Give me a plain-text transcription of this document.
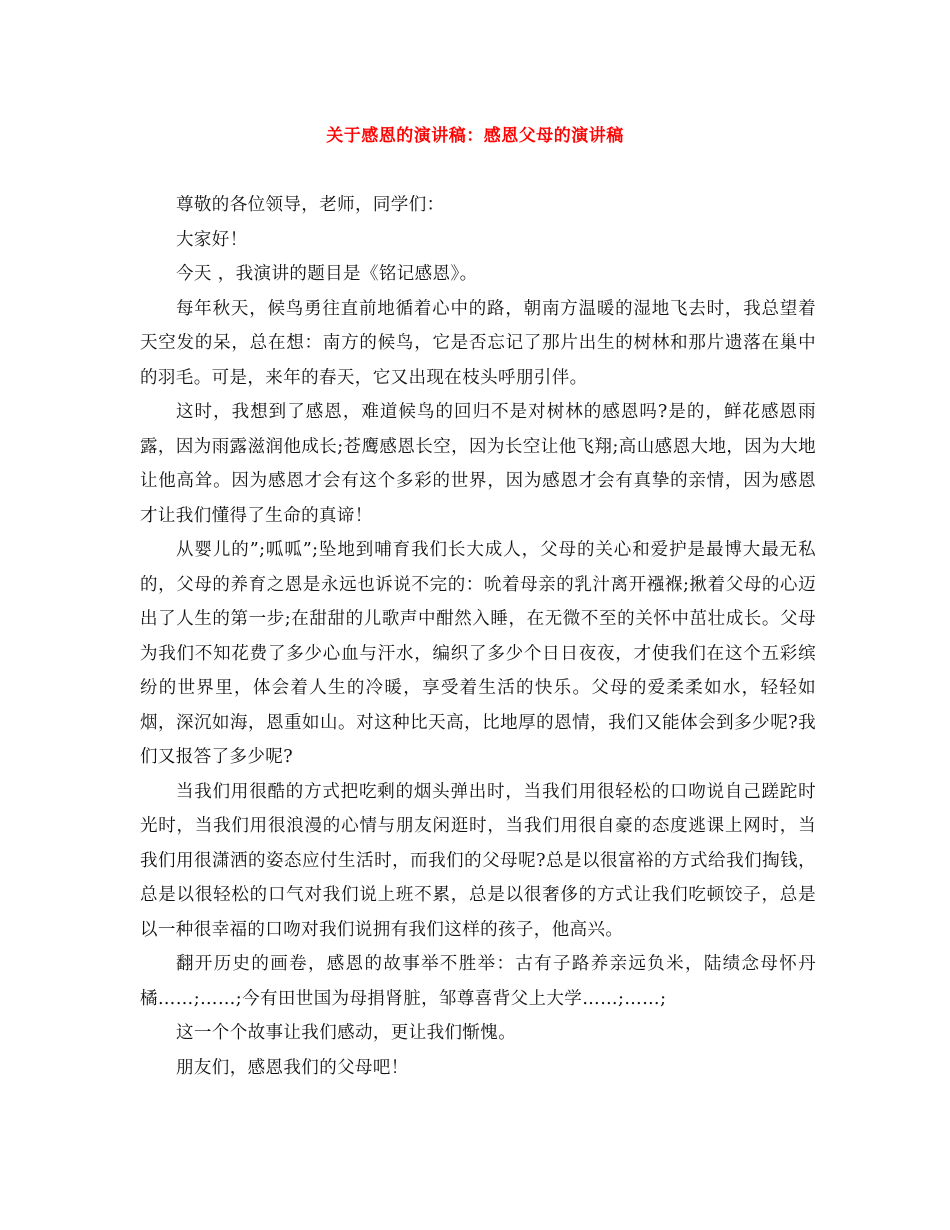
关于感恩的演讲稿：感恩父母的演讲稿

尊敬的各位领导，老师，同学们：

大家好！

今天 ，我演讲的题目是《铭记感恩》。

每年秋天，候鸟勇往直前地循着心中的路，朝南方温暖的湿地飞去时，我总望着天空发的呆，总在想：南方的候鸟，它是否忘记了那片出生的树林和那片遗落在巢中的羽毛。可是，来年的春天，它又出现在枝头呼朋引伴。

这时，我想到了感恩，难道候鸟的回归不是对树林的感恩吗?是的，鲜花感恩雨露，因为雨露滋润他成长;苍鹰感恩长空，因为长空让他飞翔;高山感恩大地，因为大地让他高耸。因为感恩才会有这个多彩的世界，因为感恩才会有真挚的亲情，因为感恩才让我们懂得了生命的真谛！

从婴儿的”;呱呱”;坠地到哺育我们长大成人，父母的关心和爱护是最博大最无私的，父母的养育之恩是永远也诉说不完的：吮着母亲的乳汁离开襁褓;揪着父母的心迈出了人生的第一步;在甜甜的儿歌声中酣然入睡，在无微不至的关怀中茁壮成长。父母为我们不知花费了多少心血与汗水，编织了多少个日日夜夜，才使我们在这个五彩缤纷的世界里，体会着人生的冷暖，享受着生活的快乐。父母的爱柔柔如水，轻轻如烟，深沉如海，恩重如山。对这种比天高，比地厚的恩情，我们又能体会到多少呢?我们又报答了多少呢?

当我们用很酷的方式把吃剩的烟头弹出时，当我们用很轻松的口吻说自己蹉跎时光时，当我们用很浪漫的心情与朋友闲逛时，当我们用很自豪的态度逃课上网时，当我们用很潇洒的姿态应付生活时，而我们的父母呢?总是以很富裕的方式给我们掏钱，总是以很轻松的口气对我们说上班不累，总是以很奢侈的方式让我们吃顿饺子，总是以一种很幸福的口吻对我们说拥有我们这样的孩子，他高兴。

翻开历史的画卷，感恩的故事举不胜举：古有子路养亲远负米，陆绩念母怀丹橘……;……;今有田世国为母捐肾脏，邹尊喜背父上大学……;……;

这一个个故事让我们感动，更让我们惭愧。

朋友们，感恩我们的父母吧！
